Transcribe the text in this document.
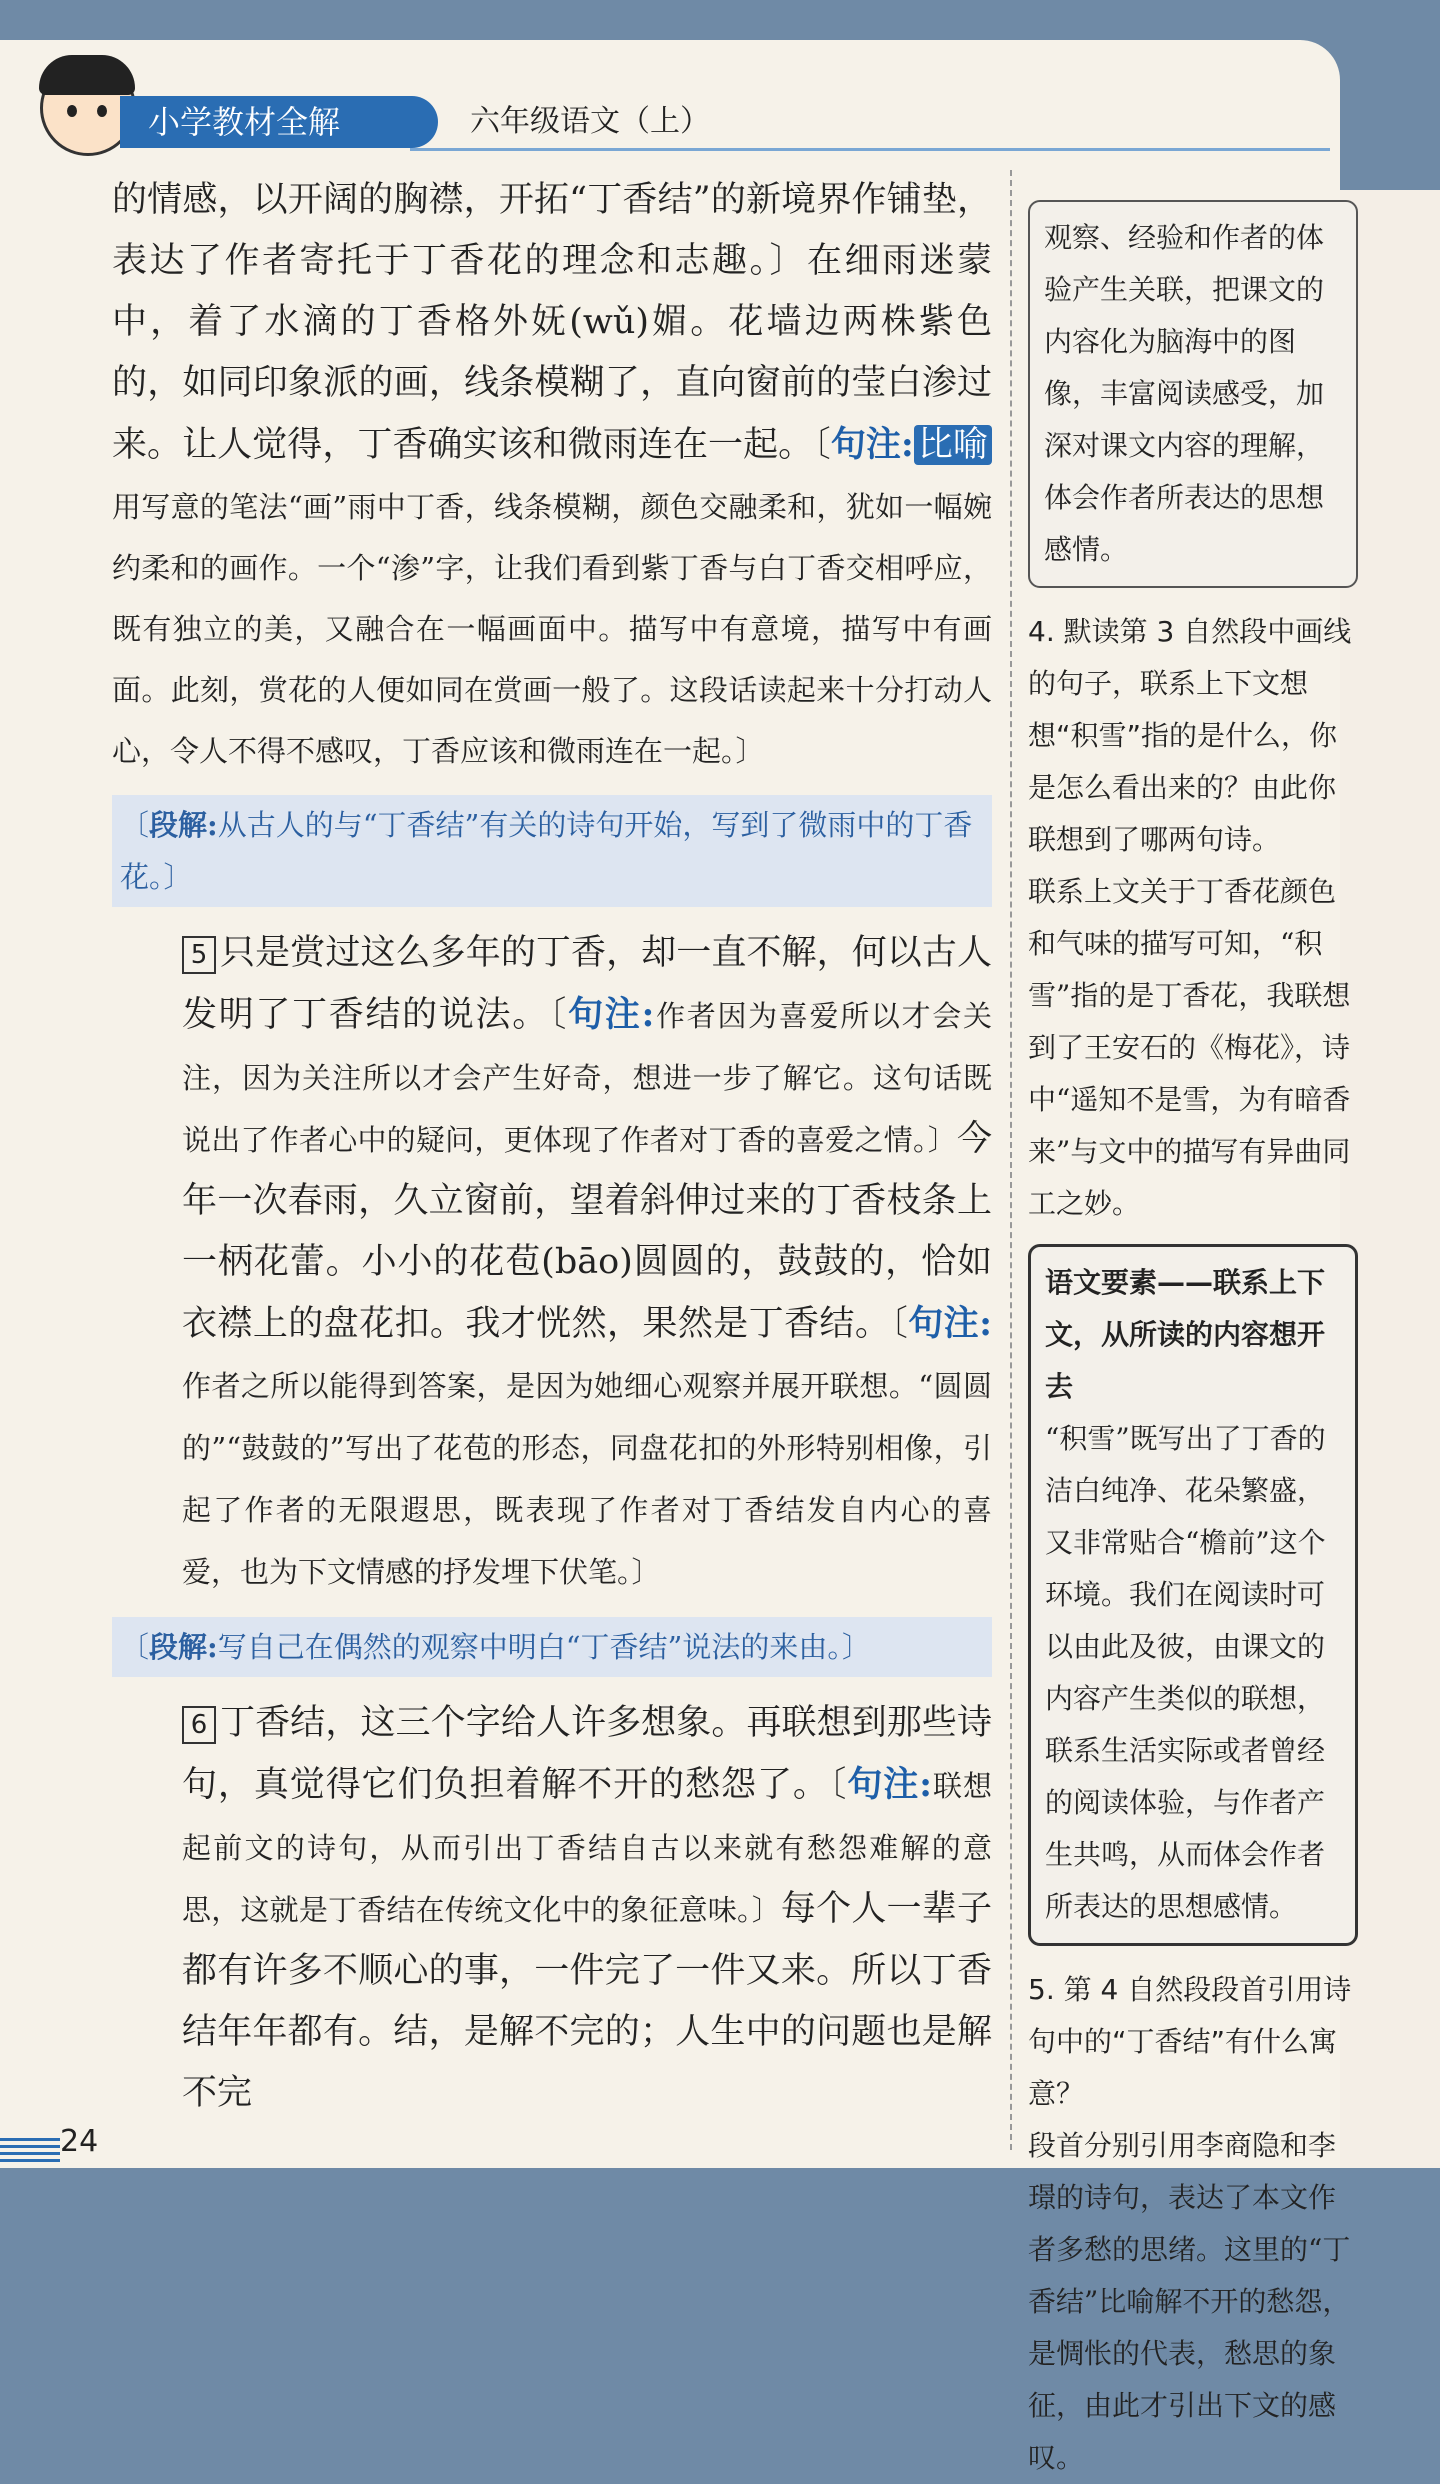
小学教材全解	六年级语文（上）

的情感，以开阔的胸襟，开拓“丁香结”的新境界作铺垫，表达了作者寄托于丁香花的理念和志趣。〕在细雨迷蒙中，着了水滴的丁香格外妩(wǔ)媚。花墙边两株紫色的，如同印象派的画，线条模糊了，直向窗前的莹白渗过来。让人觉得，丁香确实该和微雨连在一起。〔句注: 比喻用写意的笔法“画”雨中丁香，线条模糊，颜色交融柔和，犹如一幅婉约柔和的画作。一个“渗”字，让我们看到紫丁香与白丁香交相呼应，既有独立的美，又融合在一幅画面中。描写中有意境，描写中有画面。此刻，赏花的人便如同在赏画一般了。这段话读起来十分打动人心，令人不得不感叹，丁香应该和微雨连在一起。〕

〔段解:从古人的与“丁香结”有关的诗句开始，写到了微雨中的丁香花。〕

5 只是赏过这么多年的丁香，却一直不解，何以古人发明了丁香结的说法。〔句注:作者因为喜爱所以才会关注，因为关注所以才会产生好奇，想进一步了解它。这句话既说出了作者心中的疑问，更体现了作者对丁香的喜爱之情。〕今年一次春雨，久立窗前，望着斜伸过来的丁香枝条上一柄花蕾。小小的花苞(bāo)圆圆的，鼓鼓的，恰如衣襟上的盘花扣。我才恍然，果然是丁香结。〔句注:作者之所以能得到答案，是因为她细心观察并展开联想。“圆圆的”“鼓鼓的”写出了花苞的形态，同盘花扣的外形特别相像，引起了作者的无限遐思，既表现了作者对丁香结发自内心的喜爱，也为下文情感的抒发埋下伏笔。〕

〔段解:写自己在偶然的观察中明白“丁香结”说法的来由。〕

6 丁香结，这三个字给人许多想象。再联想到那些诗句，真觉得它们负担着解不开的愁怨了。〔句注:联想起前文的诗句，从而引出丁香结自古以来就有愁怨难解的意思，这就是丁香结在传统文化中的象征意味。〕每个人一辈子都有许多不顺心的事，一件完了一件又来。所以丁香结年年都有。结，是解不完的；人生中的问题也是解不完

观察、经验和作者的体验产生关联，把课文的内容化为脑海中的图像，丰富阅读感受，加深对课文内容的理解，体会作者所表达的思想感情。

4. 默读第 3 自然段中画线的句子，联系上下文想想“积雪”指的是什么，你是怎么看出来的？由此你联想到了哪两句诗。

联系上文关于丁香花颜色和气味的描写可知，“积雪”指的是丁香花，我联想到了王安石的《梅花》，诗中“遥知不是雪，为有暗香来”与文中的描写有异曲同工之妙。

语文要素——联系上下文，从所读的内容想开去
“积雪”既写出了丁香的洁白纯净、花朵繁盛，又非常贴合“檐前”这个环境。我们在阅读时可以由此及彼，由课文的内容产生类似的联想，联系生活实际或者曾经的阅读体验，与作者产生共鸣，从而体会作者所表达的思想感情。

5. 第 4 自然段段首引用诗句中的“丁香结”有什么寓意？

段首分别引用李商隐和李璟的诗句，表达了本文作者多愁的思绪。这里的“丁香结”比喻解不开的愁怨，是惆怅的代表，愁思的象征，由此才引出下文的感叹。

24
